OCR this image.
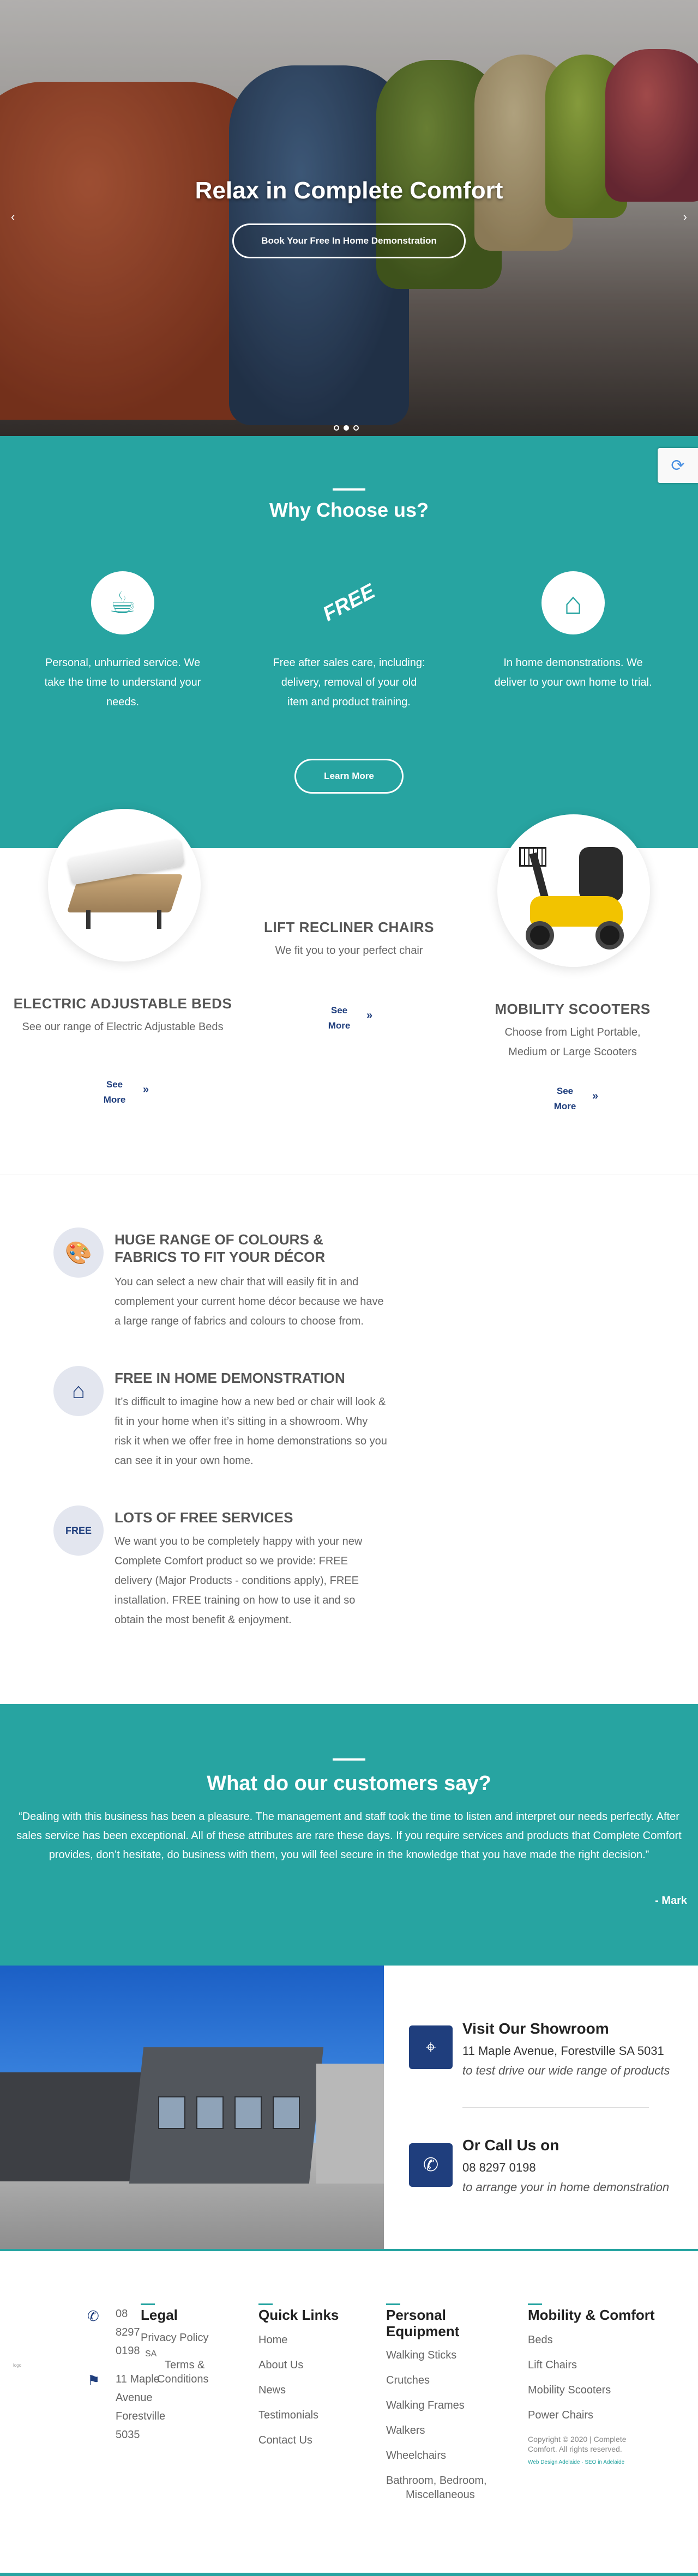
Relax in Complete Comfort
Book Your Free In Home Demonstration
‹	›
⟳
Why Choose us?
☕

Personal, unhurried service. We take the time to understand your needs.

FREE

Free after sales care, including: delivery, removal of your old item and product training.

⌂

In home demonstrations. We deliver to your own home to trial.

Learn More
ELECTRIC ADJUSTABLE BEDS
See our range of Electric Adjustable Beds
See More
»
LIFT RECLINER CHAIRS
We fit you to your perfect chair
See More
»	MOBILITY SCOOTERS
Choose from Light Portable, Medium or Large Scooters
See More
»
🎨
HUGE RANGE OF COLOURS & FABRICS TO FIT YOUR DÉCOR

You can select a new chair that will easily fit in and complement your current home décor because we have a large range of fabrics and colours to choose from.

⌂
FREE IN HOME DEMONSTRATION

It’s difficult to imagine how a new bed or chair will look & fit in your home when it’s sitting in a showroom. Why risk it when we offer free in home demonstrations so you can see it in your own home.

FREE
LOTS OF FREE SERVICES

We want you to be completely happy with your new Complete Comfort product so we provide: FREE delivery (Major Products - conditions apply), FREE installation. FREE training on how to use it and so obtain the most benefit & enjoyment.

What do our customers say?

“Dealing with this business has been a pleasure. The management and staff took the time to listen and interpret our needs perfectly. After sales service has been exceptional. All of these attributes are rare these days. If you require services and products that Complete Comfort provides, don’t hesitate, do business with them, you will feel secure in the knowledge that you have made the right decision.”

- Mark
⌖
Visit Our Showroom
11 Maple Avenue, Forestville SA 5031
to test drive our wide range of products
✆
Or Call Us on
08 8297 0198
to arrange your in home demonstration
logo
✆ 08
8297
0198
⚑ 11 Maple
Avenue
Forestville
5035
SA
Legal
Privacy Policy
Terms &
Conditions
Quick Links
Home
About Us
News
Testimonials
Contact Us
Personal
Equipment
Walking Sticks
Crutches
Walking Frames
Walkers
Wheelchairs
Bathroom, Bedroom,
Miscellaneous
Mobility & Comfort
Beds
Lift Chairs
Mobility Scooters
Power Chairs

Copyright © 2020 | Complete Comfort. All rights reserved.

Web Design Adelaide · SEO in Adelaide
